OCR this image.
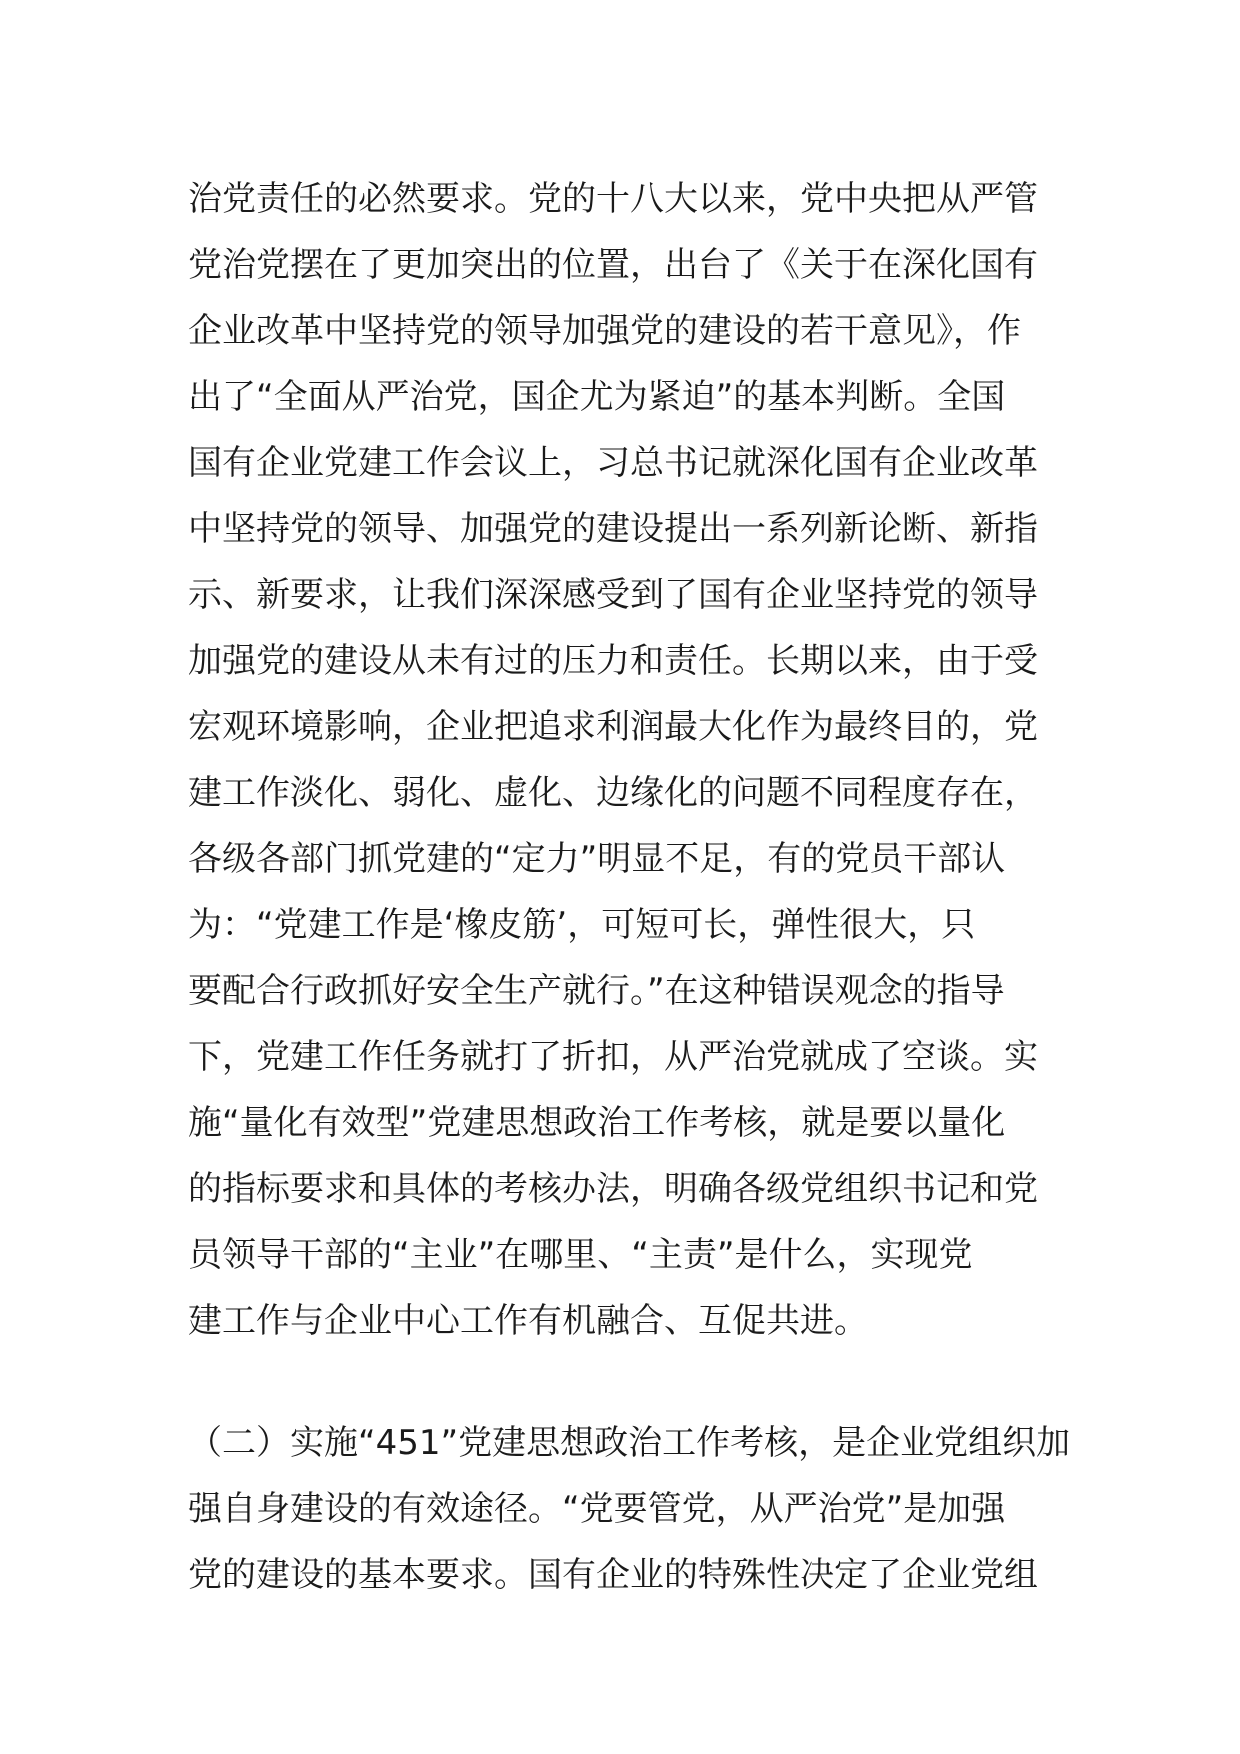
治党责任的必然要求。党的十八大以来，党中央把从严管
党治党摆在了更加突出的位置，出台了《关于在深化国有
企业改革中坚持党的领导加强党的建设的若干意见》，作
出了“全面从严治党，国企尤为紧迫”的基本判断。全国
国有企业党建工作会议上，习总书记就深化国有企业改革
中坚持党的领导、加强党的建设提出一系列新论断、新指
示、新要求，让我们深深感受到了国有企业坚持党的领导
加强党的建设从未有过的压力和责任。长期以来，由于受
宏观环境影响，企业把追求利润最大化作为最终目的，党
建工作淡化、弱化、虚化、边缘化的问题不同程度存在，
各级各部门抓党建的“定力”明显不足，有的党员干部认
为：“党建工作是‘橡皮筋’，可短可长，弹性很大，只
要配合行政抓好安全生产就行。”在这种错误观念的指导
下，党建工作任务就打了折扣，从严治党就成了空谈。实
施“量化有效型”党建思想政治工作考核，就是要以量化
的指标要求和具体的考核办法，明确各级党组织书记和党
员领导干部的“主业”在哪里、“主责”是什么，实现党
建工作与企业中心工作有机融合、互促共进。
（二）实施“451”党建思想政治工作考核，是企业党组织加
强自身建设的有效途径。“党要管党，从严治党”是加强
党的建设的基本要求。国有企业的特殊性决定了企业党组
